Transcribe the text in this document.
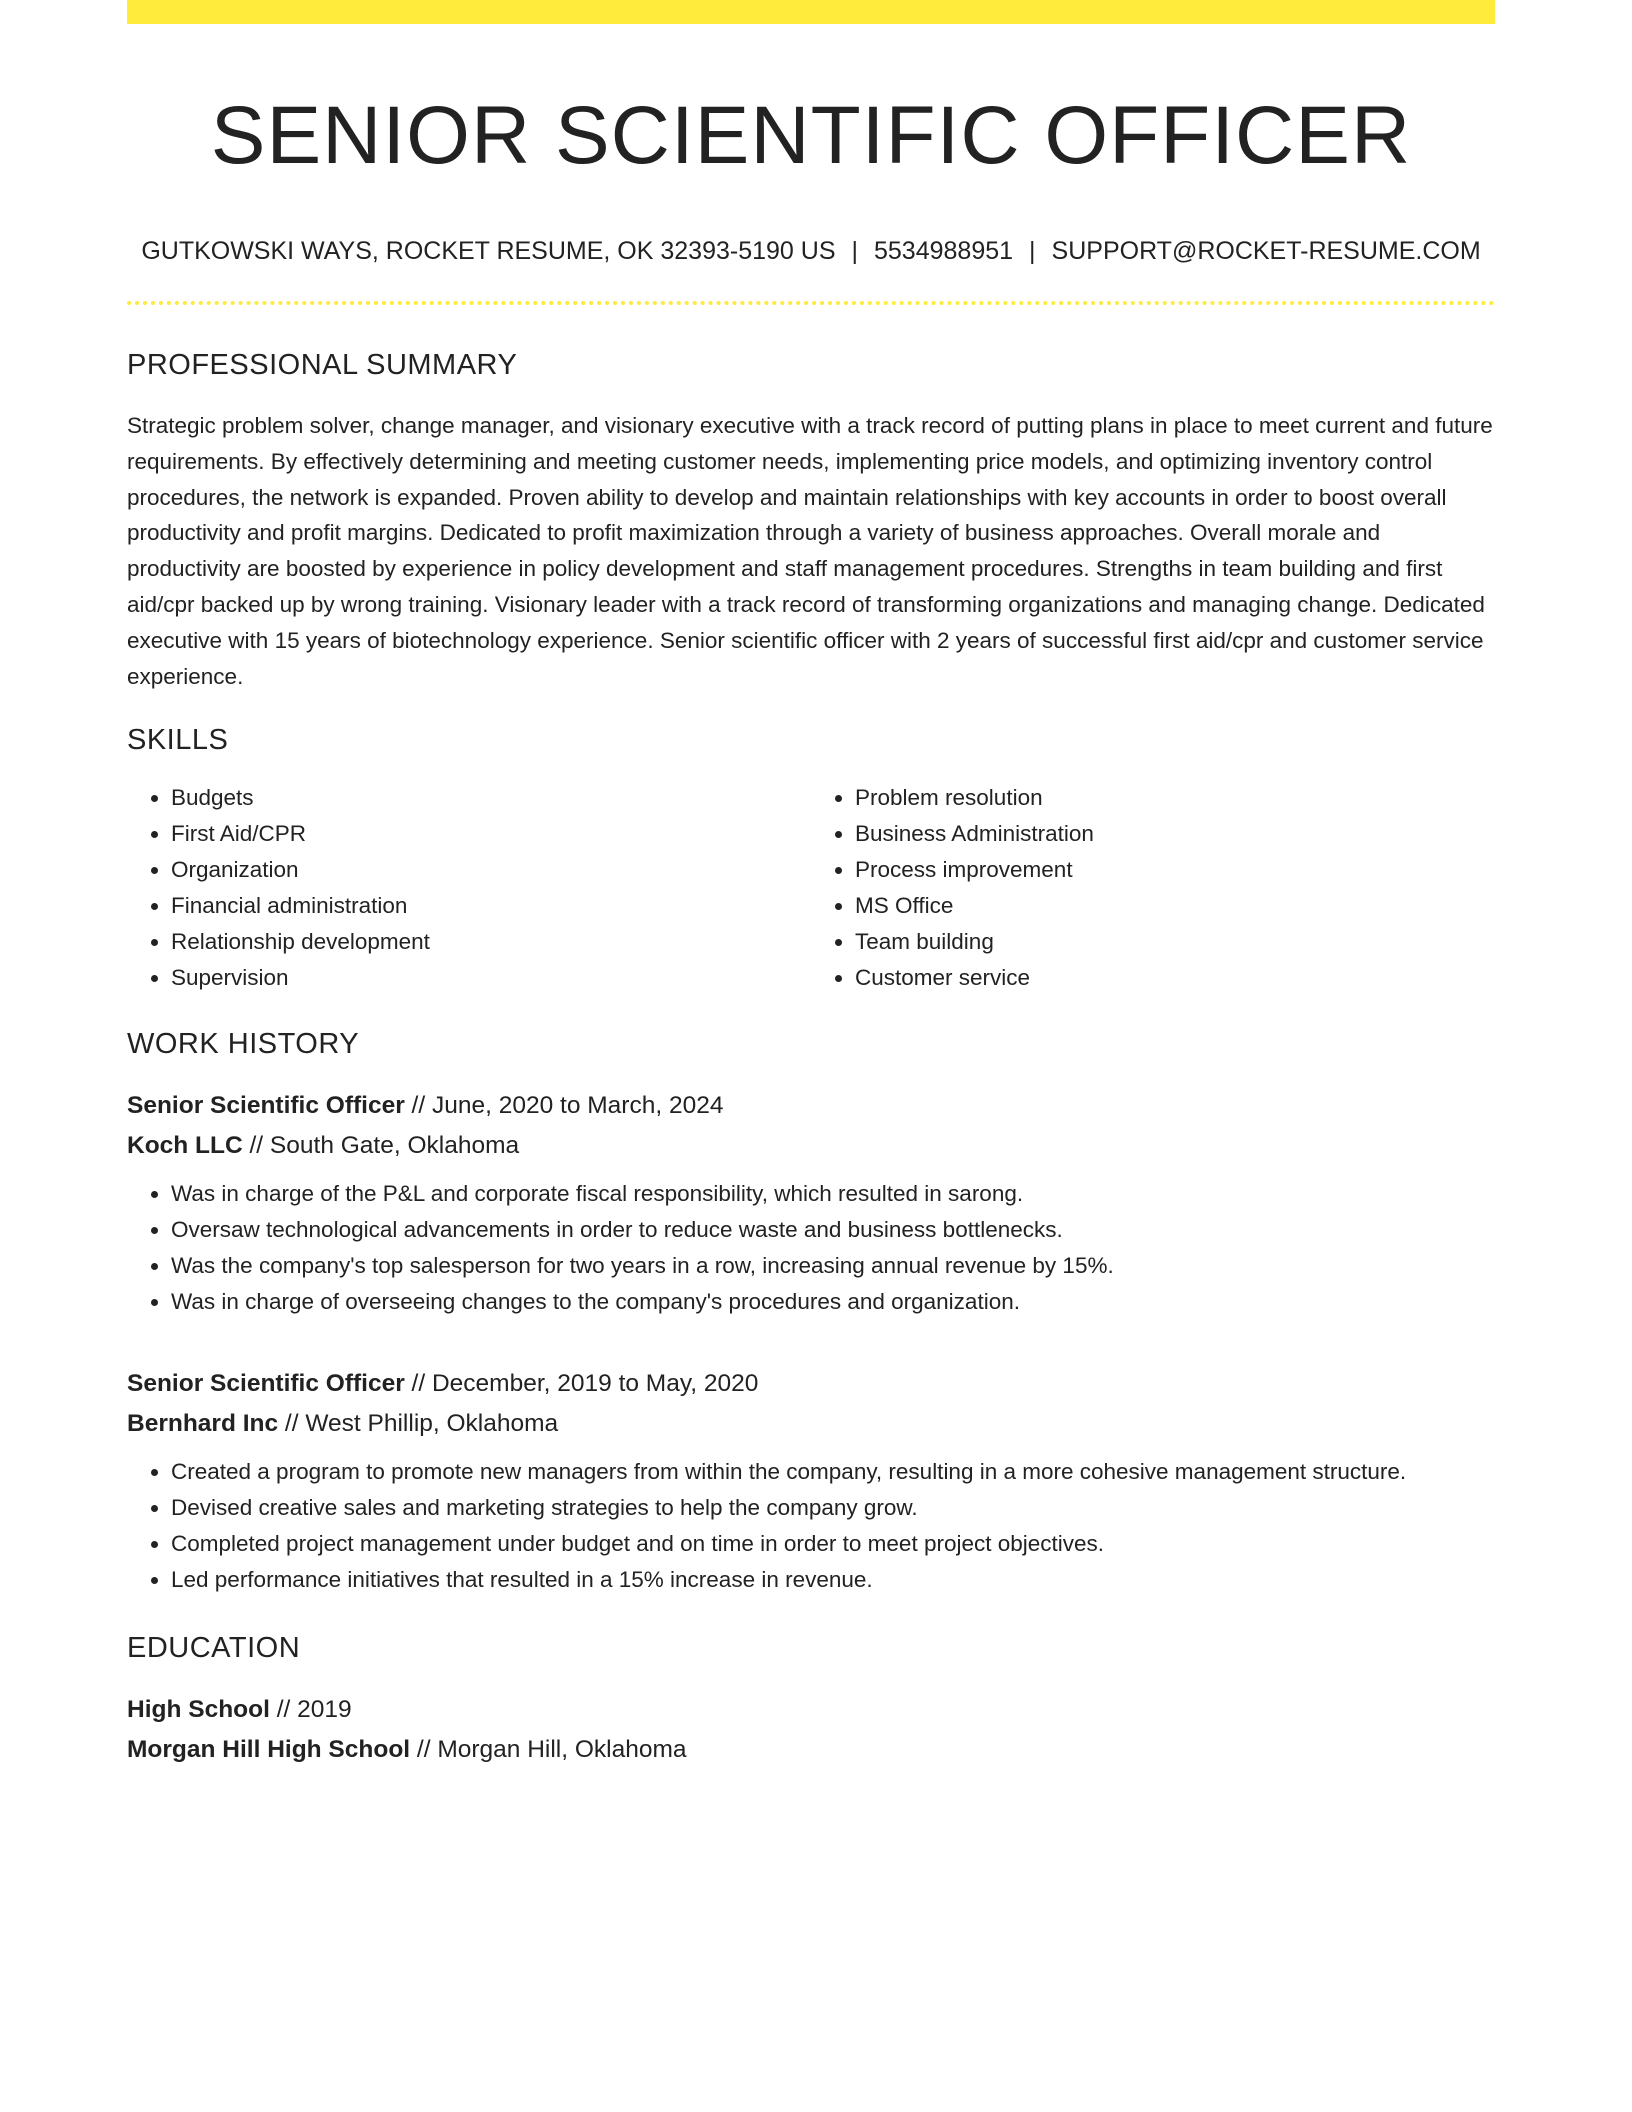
SENIOR SCIENTIFIC OFFICER
GUTKOWSKI WAYS, ROCKET RESUME, OK 32393-5190 US | 5534988951 | SUPPORT@ROCKET-RESUME.COM
PROFESSIONAL SUMMARY

Strategic problem solver, change manager, and visionary executive with a track record of putting plans in place to meet current and future requirements. By effectively determining and meeting customer needs, implementing price models, and optimizing inventory control procedures, the network is expanded. Proven ability to develop and maintain relationships with key accounts in order to boost overall productivity and profit margins. Dedicated to profit maximization through a variety of business approaches. Overall morale and productivity are boosted by experience in policy development and staff management procedures. Strengths in team building and first aid/cpr backed up by wrong training. Visionary leader with a track record of transforming organizations and managing change. Dedicated executive with 15 years of biotechnology experience. Senior scientific officer with 2 years of successful first aid/cpr and customer service experience.

SKILLS
• Budgets
• First Aid/CPR
• Organization
• Financial administration
• Relationship development
• Supervision
• Problem resolution
• Business Administration
• Process improvement
• MS Office
• Team building
• Customer service
WORK HISTORY
Senior Scientific Officer // June, 2020 to March, 2024
Koch LLC // South Gate, Oklahoma
• Was in charge of the P&L and corporate fiscal responsibility, which resulted in sarong.
• Oversaw technological advancements in order to reduce waste and business bottlenecks.
• Was the company's top salesperson for two years in a row, increasing annual revenue by 15%.
• Was in charge of overseeing changes to the company's procedures and organization.
Senior Scientific Officer // December, 2019 to May, 2020
Bernhard Inc // West Phillip, Oklahoma
• Created a program to promote new managers from within the company, resulting in a more cohesive management structure.
• Devised creative sales and marketing strategies to help the company grow.
• Completed project management under budget and on time in order to meet project objectives.
• Led performance initiatives that resulted in a 15% increase in revenue.
EDUCATION
High School // 2019
Morgan Hill High School // Morgan Hill, Oklahoma
